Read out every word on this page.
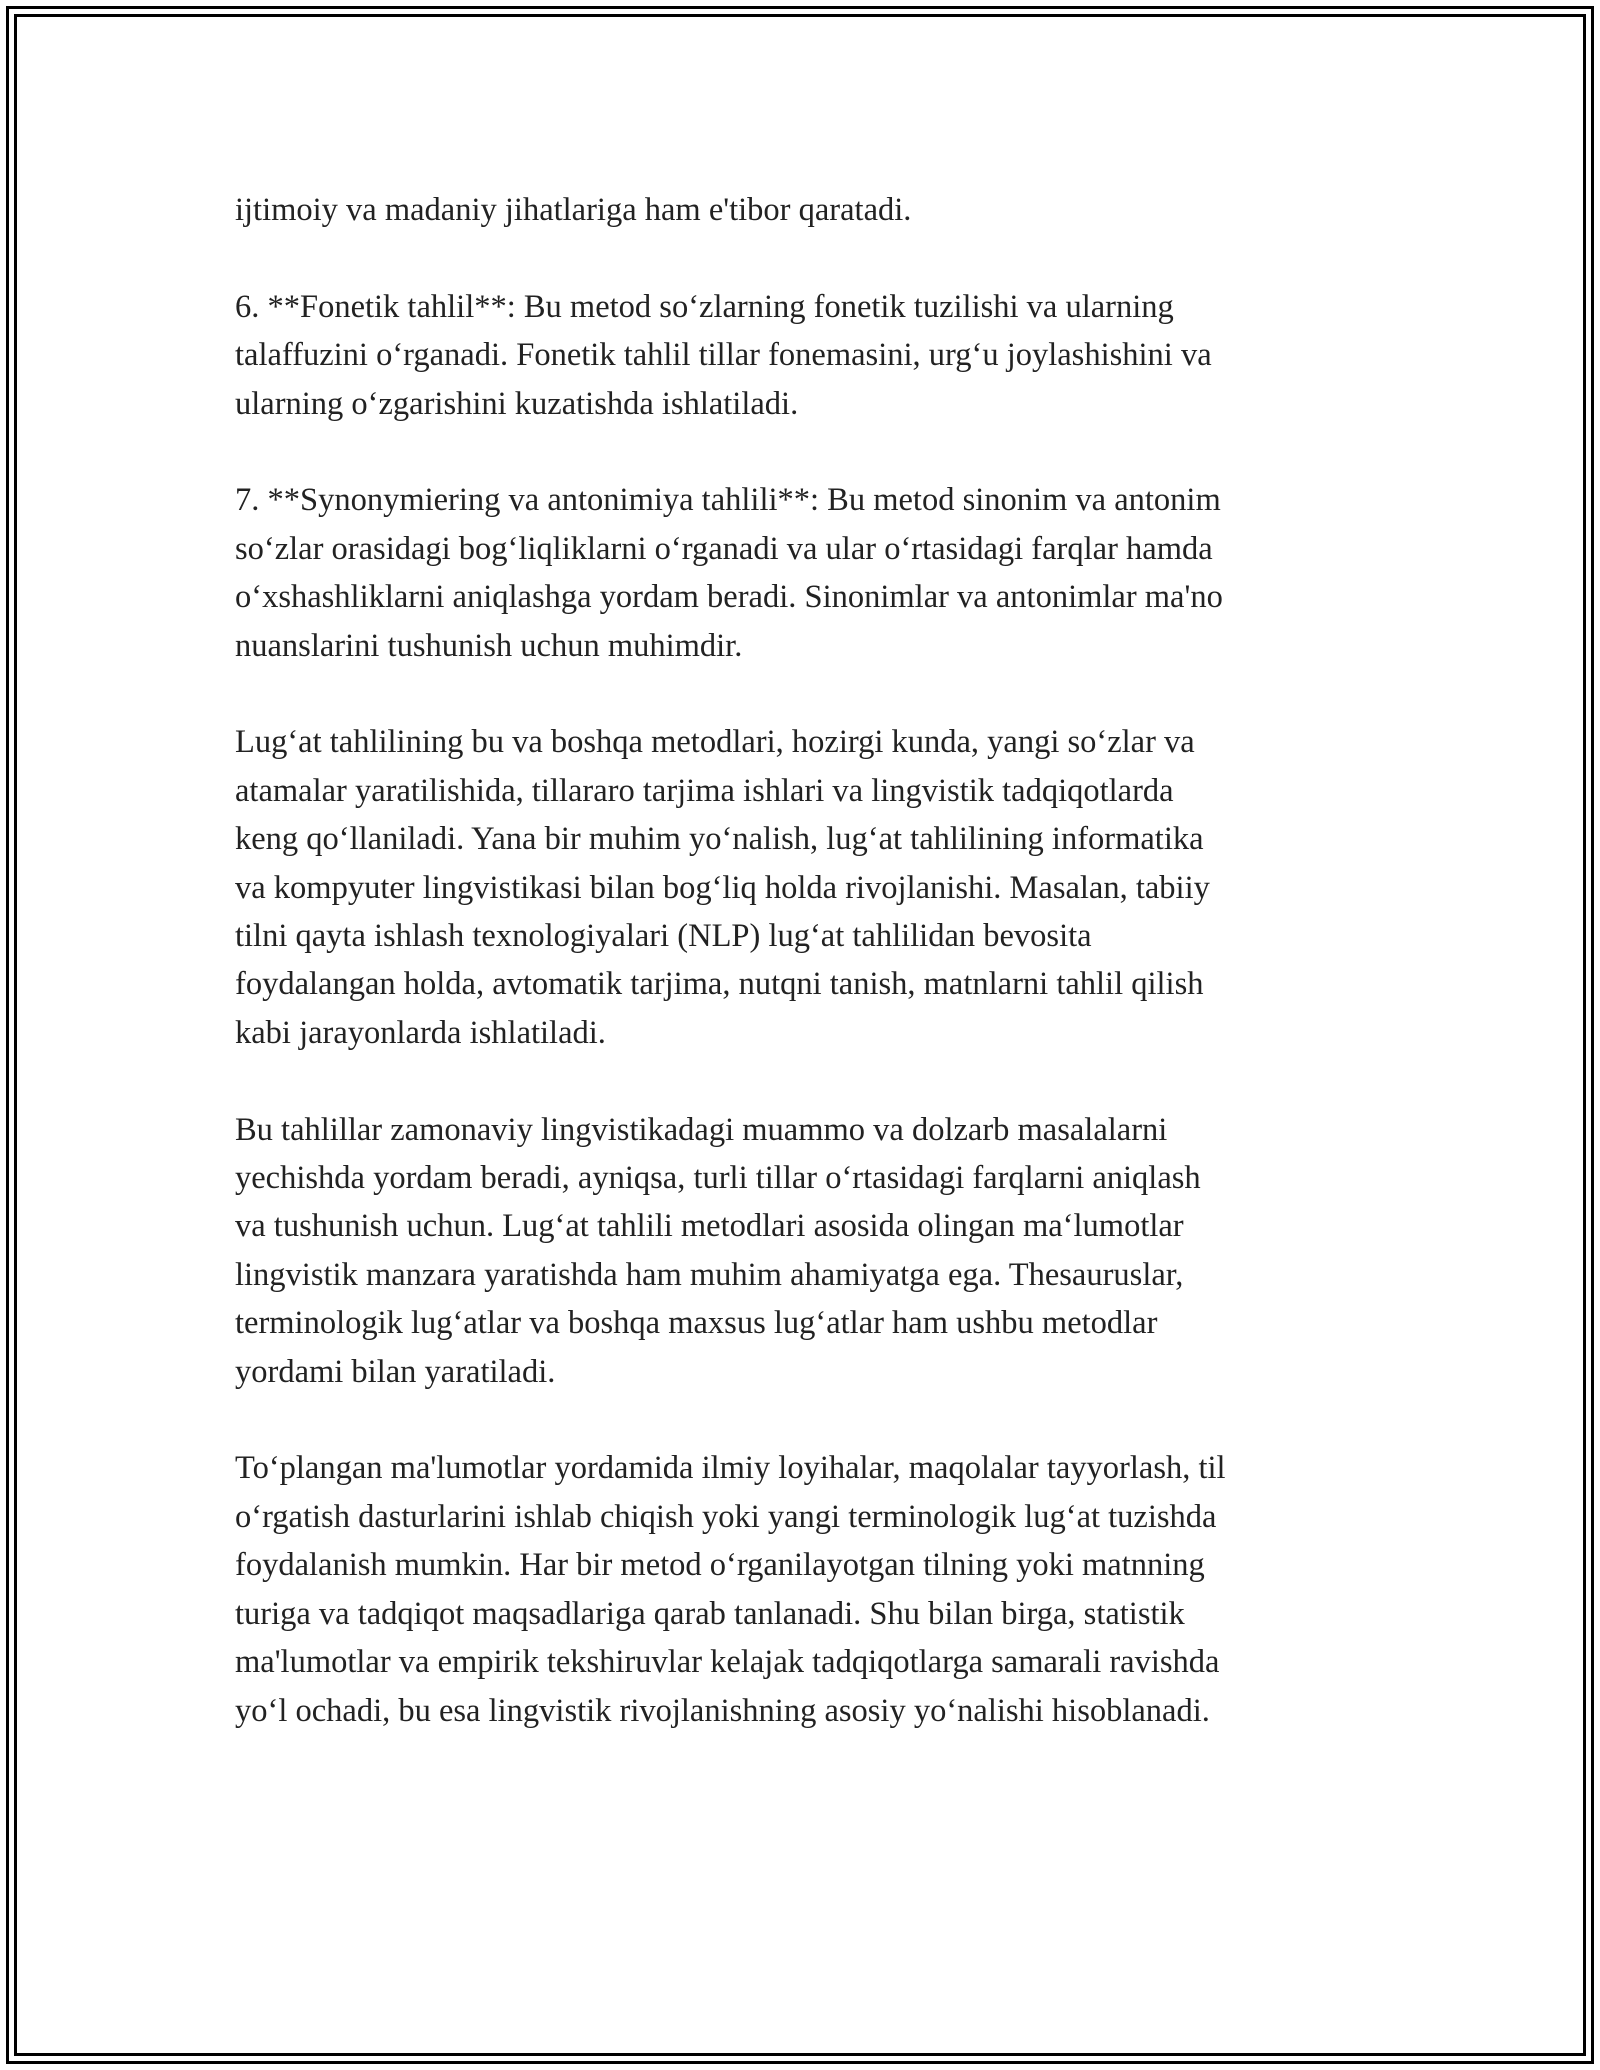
ijtimoiy va madaniy jihatlariga ham e'tibor qaratadi.

6. **Fonetik tahlil**: Bu metod so‘zlarning fonetik tuzilishi va ularning
talaffuzini o‘rganadi. Fonetik tahlil tillar fonemasini, urg‘u joylashishini va
ularning o‘zgarishini kuzatishda ishlatiladi.

7. **Synonymiering va antonimiya tahlili**: Bu metod sinonim va antonim
so‘zlar orasidagi bog‘liqliklarni o‘rganadi va ular o‘rtasidagi farqlar hamda
o‘xshashliklarni aniqlashga yordam beradi. Sinonimlar va antonimlar ma'no
nuanslarini tushunish uchun muhimdir.

Lug‘at tahlilining bu va boshqa metodlari, hozirgi kunda, yangi so‘zlar va
atamalar yaratilishida, tillararo tarjima ishlari va lingvistik tadqiqotlarda
keng qo‘llaniladi. Yana bir muhim yo‘nalish, lug‘at tahlilining informatika
va kompyuter lingvistikasi bilan bog‘liq holda rivojlanishi. Masalan, tabiiy
tilni qayta ishlash texnologiyalari (NLP) lug‘at tahlilidan bevosita
foydalangan holda, avtomatik tarjima, nutqni tanish, matnlarni tahlil qilish
kabi jarayonlarda ishlatiladi.

Bu tahlillar zamonaviy lingvistikadagi muammo va dolzarb masalalarni
yechishda yordam beradi, ayniqsa, turli tillar o‘rtasidagi farqlarni aniqlash
va tushunish uchun. Lug‘at tahlili metodlari asosida olingan ma‘lumotlar
lingvistik manzara yaratishda ham muhim ahamiyatga ega. Thesauruslar,
terminologik lug‘atlar va boshqa maxsus lug‘atlar ham ushbu metodlar
yordami bilan yaratiladi.

To‘plangan ma'lumotlar yordamida ilmiy loyihalar, maqolalar tayyorlash, til
o‘rgatish dasturlarini ishlab chiqish yoki yangi terminologik lug‘at tuzishda
foydalanish mumkin. Har bir metod o‘rganilayotgan tilning yoki matnning
turiga va tadqiqot maqsadlariga qarab tanlanadi. Shu bilan birga, statistik
ma'lumotlar va empirik tekshiruvlar kelajak tadqiqotlarga samarali ravishda
yo‘l ochadi, bu esa lingvistik rivojlanishning asosiy yo‘nalishi hisoblanadi.
